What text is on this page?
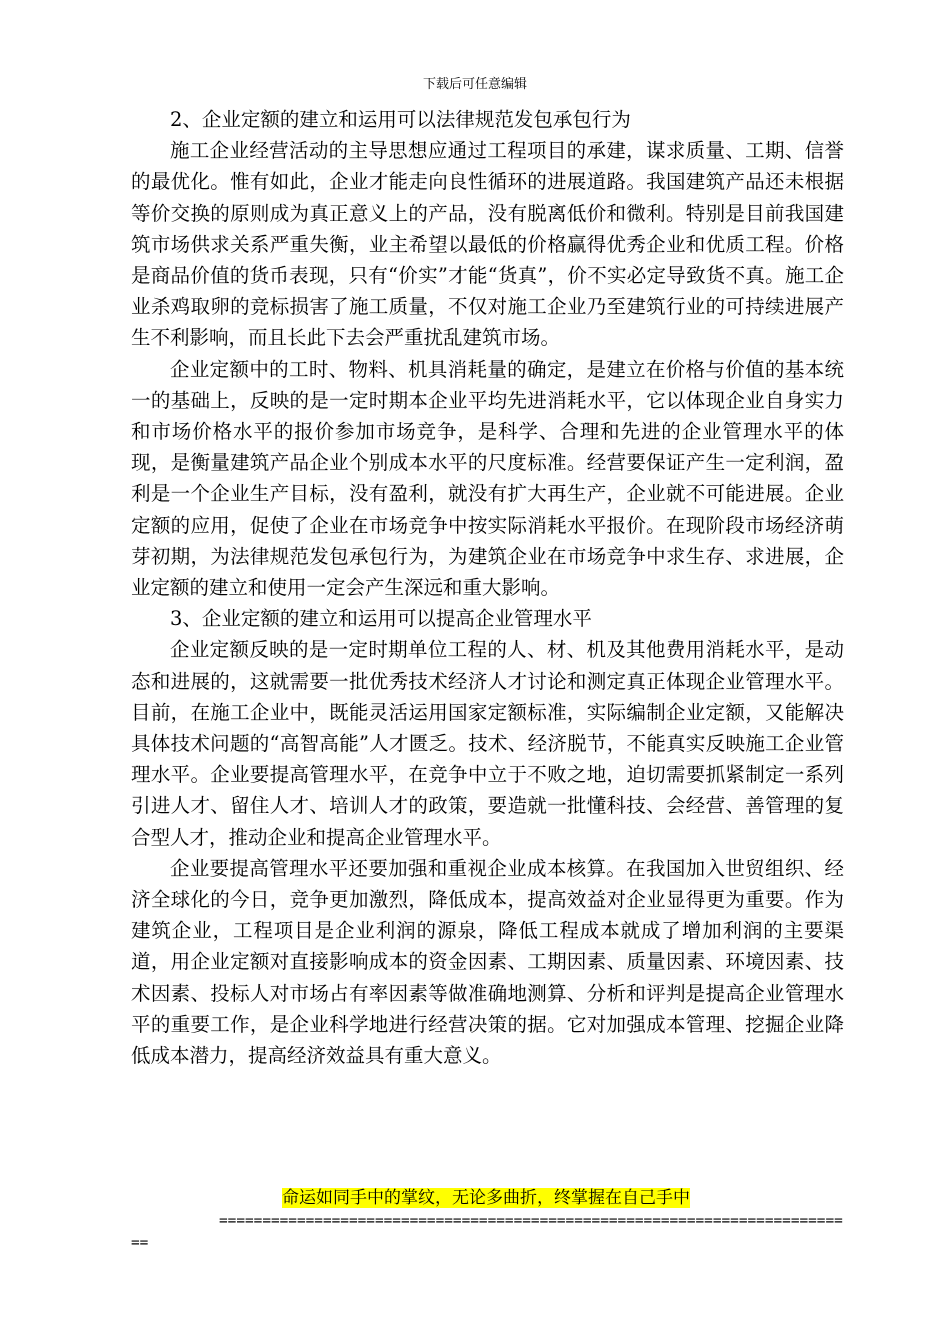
下载后可任意编辑

2、企业定额的建立和运用可以法律规范发包承包行为

施工企业经营活动的主导思想应通过工程项目的承建，谋求质量、工期、信誉的最优化。惟有如此，企业才能走向良性循环的进展道路。我国建筑产品还未根据等价交换的原则成为真正意义上的产品，没有脱离低价和微利。特别是目前我国建筑市场供求关系严重失衡，业主希望以最低的价格赢得优秀企业和优质工程。价格是商品价值的货币表现，只有“价实”才能“货真”，价不实必定导致货不真。施工企业杀鸡取卵的竞标损害了施工质量，不仅对施工企业乃至建筑行业的可持续进展产生不利影响，而且长此下去会严重扰乱建筑市场。

企业定额中的工时、物料、机具消耗量的确定，是建立在价格与价值的基本统一的基础上，反映的是一定时期本企业平均先进消耗水平，它以体现企业自身实力和市场价格水平的报价参加市场竞争，是科学、合理和先进的企业管理水平的体现，是衡量建筑产品企业个别成本水平的尺度标准。经营要保证产生一定利润，盈利是一个企业生产目标，没有盈利，就没有扩大再生产，企业就不可能进展。企业定额的应用，促使了企业在市场竞争中按实际消耗水平报价。在现阶段市场经济萌芽初期，为法律规范发包承包行为，为建筑企业在市场竞争中求生存、求进展，企业定额的建立和使用一定会产生深远和重大影响。

3、企业定额的建立和运用可以提高企业管理水平

企业定额反映的是一定时期单位工程的人、材、机及其他费用消耗水平，是动态和进展的，这就需要一批优秀技术经济人才讨论和测定真正体现企业管理水平。目前，在施工企业中，既能灵活运用国家定额标准，实际编制企业定额，又能解决具体技术问题的“高智高能”人才匮乏。技术、经济脱节，不能真实反映施工企业管理水平。企业要提高管理水平，在竞争中立于不败之地，迫切需要抓紧制定一系列引进人才、留住人才、培训人才的政策，要造就一批懂科技、会经营、善管理的复合型人才，推动企业和提高企业管理水平。

企业要提高管理水平还要加强和重视企业成本核算。在我国加入世贸组织、经济全球化的今日，竞争更加激烈，降低成本，提高效益对企业显得更为重要。作为建筑企业，工程项目是企业利润的源泉，降低工程成本就成了增加利润的主要渠道，用企业定额对直接影响成本的资金因素、工期因素、质量因素、环境因素、技术因素、投标人对市场占有率因素等做准确地测算、分析和评判是提高企业管理水平的重要工作，是企业科学地进行经营决策的据。它对加强成本管理、挖掘企业降低成本潜力，提高经济效益具有重大意义。

命运如同手中的掌纹，无论多曲折，终掌握在自己手中
==========================================================================
